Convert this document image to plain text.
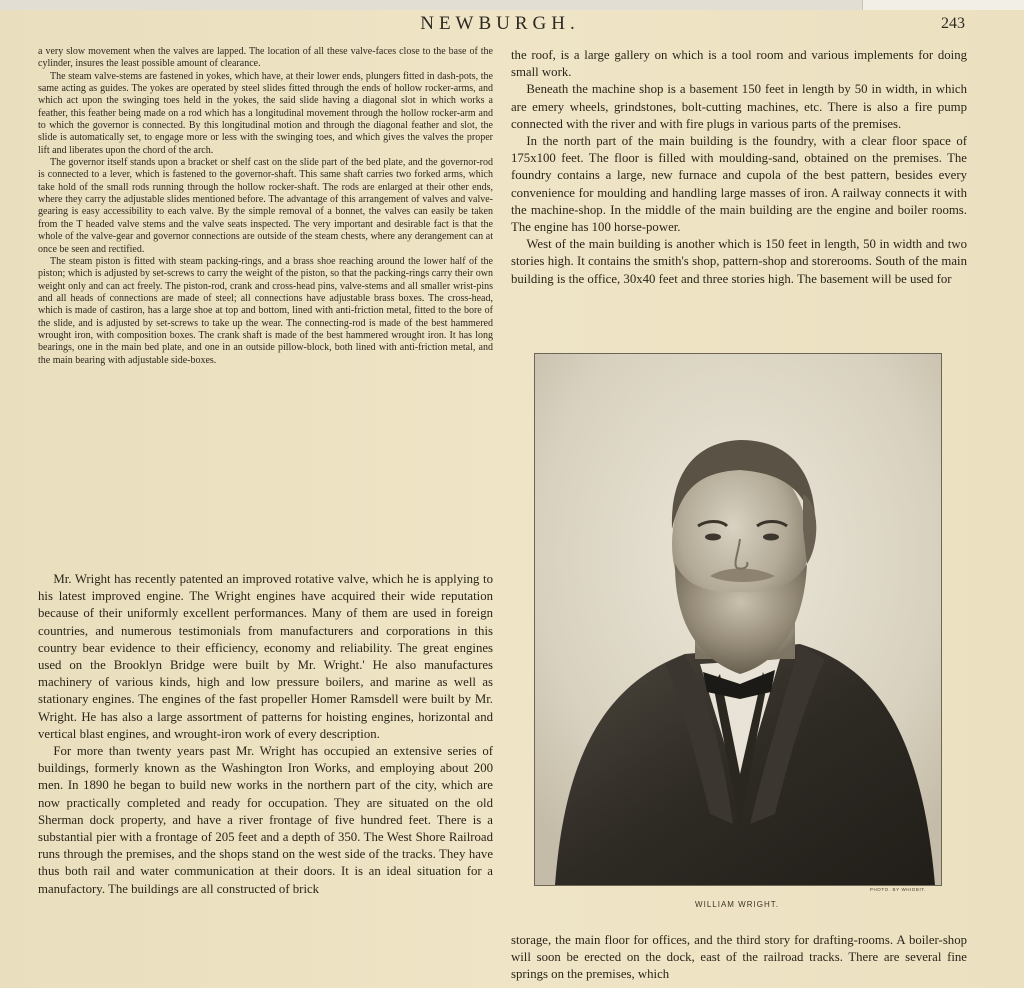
NEWBURGH.	243

a very slow movement when the valves are lapped. The location of all these valve-faces close to the base of the cylinder, insures the least possible amount of clearance.

The steam valve-stems are fastened in yokes, which have, at their lower ends, plungers fitted in dash-pots, the same acting as guides. The yokes are operated by steel slides fitted through the ends of hollow rocker-arms, and which act upon the swinging toes held in the yokes, the said slide having a diagonal slot in which works a feather, this feather being made on a rod which has a longitudinal movement through the hollow rocker-arm and to which the governor is connected. By this longitudinal motion and through the diagonal feather and slot, the slide is automatically set, to engage more or less with the swinging toes, and which gives the valves the proper lift and liberates upon the chord of the arch.

The governor itself stands upon a bracket or shelf cast on the slide part of the bed plate, and the governor-rod is connected to a lever, which is fastened to the governor-shaft. This same shaft carries two forked arms, which take hold of the small rods running through the hollow rocker-shaft. The rods are enlarged at their other ends, where they carry the adjustable slides mentioned before. The advantage of this arrangement of valves and valve-gearing is easy accessibility to each valve. By the simple removal of a bonnet, the valves can easily be taken from the T headed valve stems and the valve seats inspected. The very important and desirable fact is that the whole of the valve-gear and governor connections are outside of the steam chests, where any derangement can at once be seen and rectified.

The steam piston is fitted with steam packing-rings, and a brass shoe reaching around the lower half of the piston; which is adjusted by set-screws to carry the weight of the piston, so that the packing-rings carry their own weight only and can act freely. The piston-rod, crank and cross-head pins, valve-stems and all smaller wrist-pins and all heads of connections are made of steel; all connections have adjustable brass boxes. The cross-head, which is made of castiron, has a large shoe at top and bottom, lined with anti-friction metal, fitted to the bore of the slide, and is adjusted by set-screws to take up the wear. The connecting-rod is made of the best hammered wrought iron, with composition boxes. The crank shaft is made of the best hammered wrought iron. It has long bearings, one in the main bed plate, and one in an outside pillow-block, both lined with anti-friction metal, and the main bearing with adjustable side-boxes.

Mr. Wright has recently patented an improved rotative valve, which he is applying to his latest improved engine. The Wright engines have acquired their wide reputation because of their uniformly excellent performances. Many of them are used in foreign countries, and numerous testimonials from manufacturers and corporations in this country bear evidence to their efficiency, economy and reliability. The great engines used on the Brooklyn Bridge were built by Mr. Wright.' He also manufactures machinery of various kinds, high and low pressure boilers, and marine as well as stationary engines. The engines of the fast propeller Homer Ramsdell were built by Mr. Wright. He has also a large assortment of patterns for hoisting engines, horizontal and vertical blast engines, and wrought-iron work of every description.

For more than twenty years past Mr. Wright has occupied an extensive series of buildings, formerly known as the Washington Iron Works, and employing about 200 men. In 1890 he began to build new works in the northern part of the city, which are now practically completed and ready for occupation. They are situated on the old Sherman dock property, and have a river frontage of five hundred feet. There is a substantial pier with a frontage of 205 feet and a depth of 350. The West Shore Railroad runs through the premises, and the shops stand on the west side of the tracks. They have thus both rail and water communication at their doors. It is an ideal situation for a manufactory. The buildings are all constructed of brick

the roof, is a large gallery on which is a tool room and various implements for doing small work.

Beneath the machine shop is a basement 150 feet in length by 50 in width, in which are emery wheels, grindstones, bolt-cutting machines, etc. There is also a fire pump connected with the river and with fire plugs in various parts of the premises.

In the north part of the main building is the foundry, with a clear floor space of 175x100 feet. The floor is filled with moulding-sand, obtained on the premises. The foundry contains a large, new furnace and cupola of the best pattern, besides every convenience for moulding and handling large masses of iron. A railway connects it with the machine-shop. In the middle of the main building are the engine and boiler rooms. The engine has 100 horse-power.

West of the main building is another which is 150 feet in length, 50 in width and two stories high. It contains the smith's shop, pattern-shop and storerooms. South of the main building is the office, 30x40 feet and three stories high. The basement will be used for

PHOTO. BY WHIDBIT.
WILLIAM WRIGHT.

storage, the main floor for offices, and the third story for drafting-rooms. A boiler-shop will soon be erected on the dock, east of the railroad tracks. There are several fine springs on the premises, which
